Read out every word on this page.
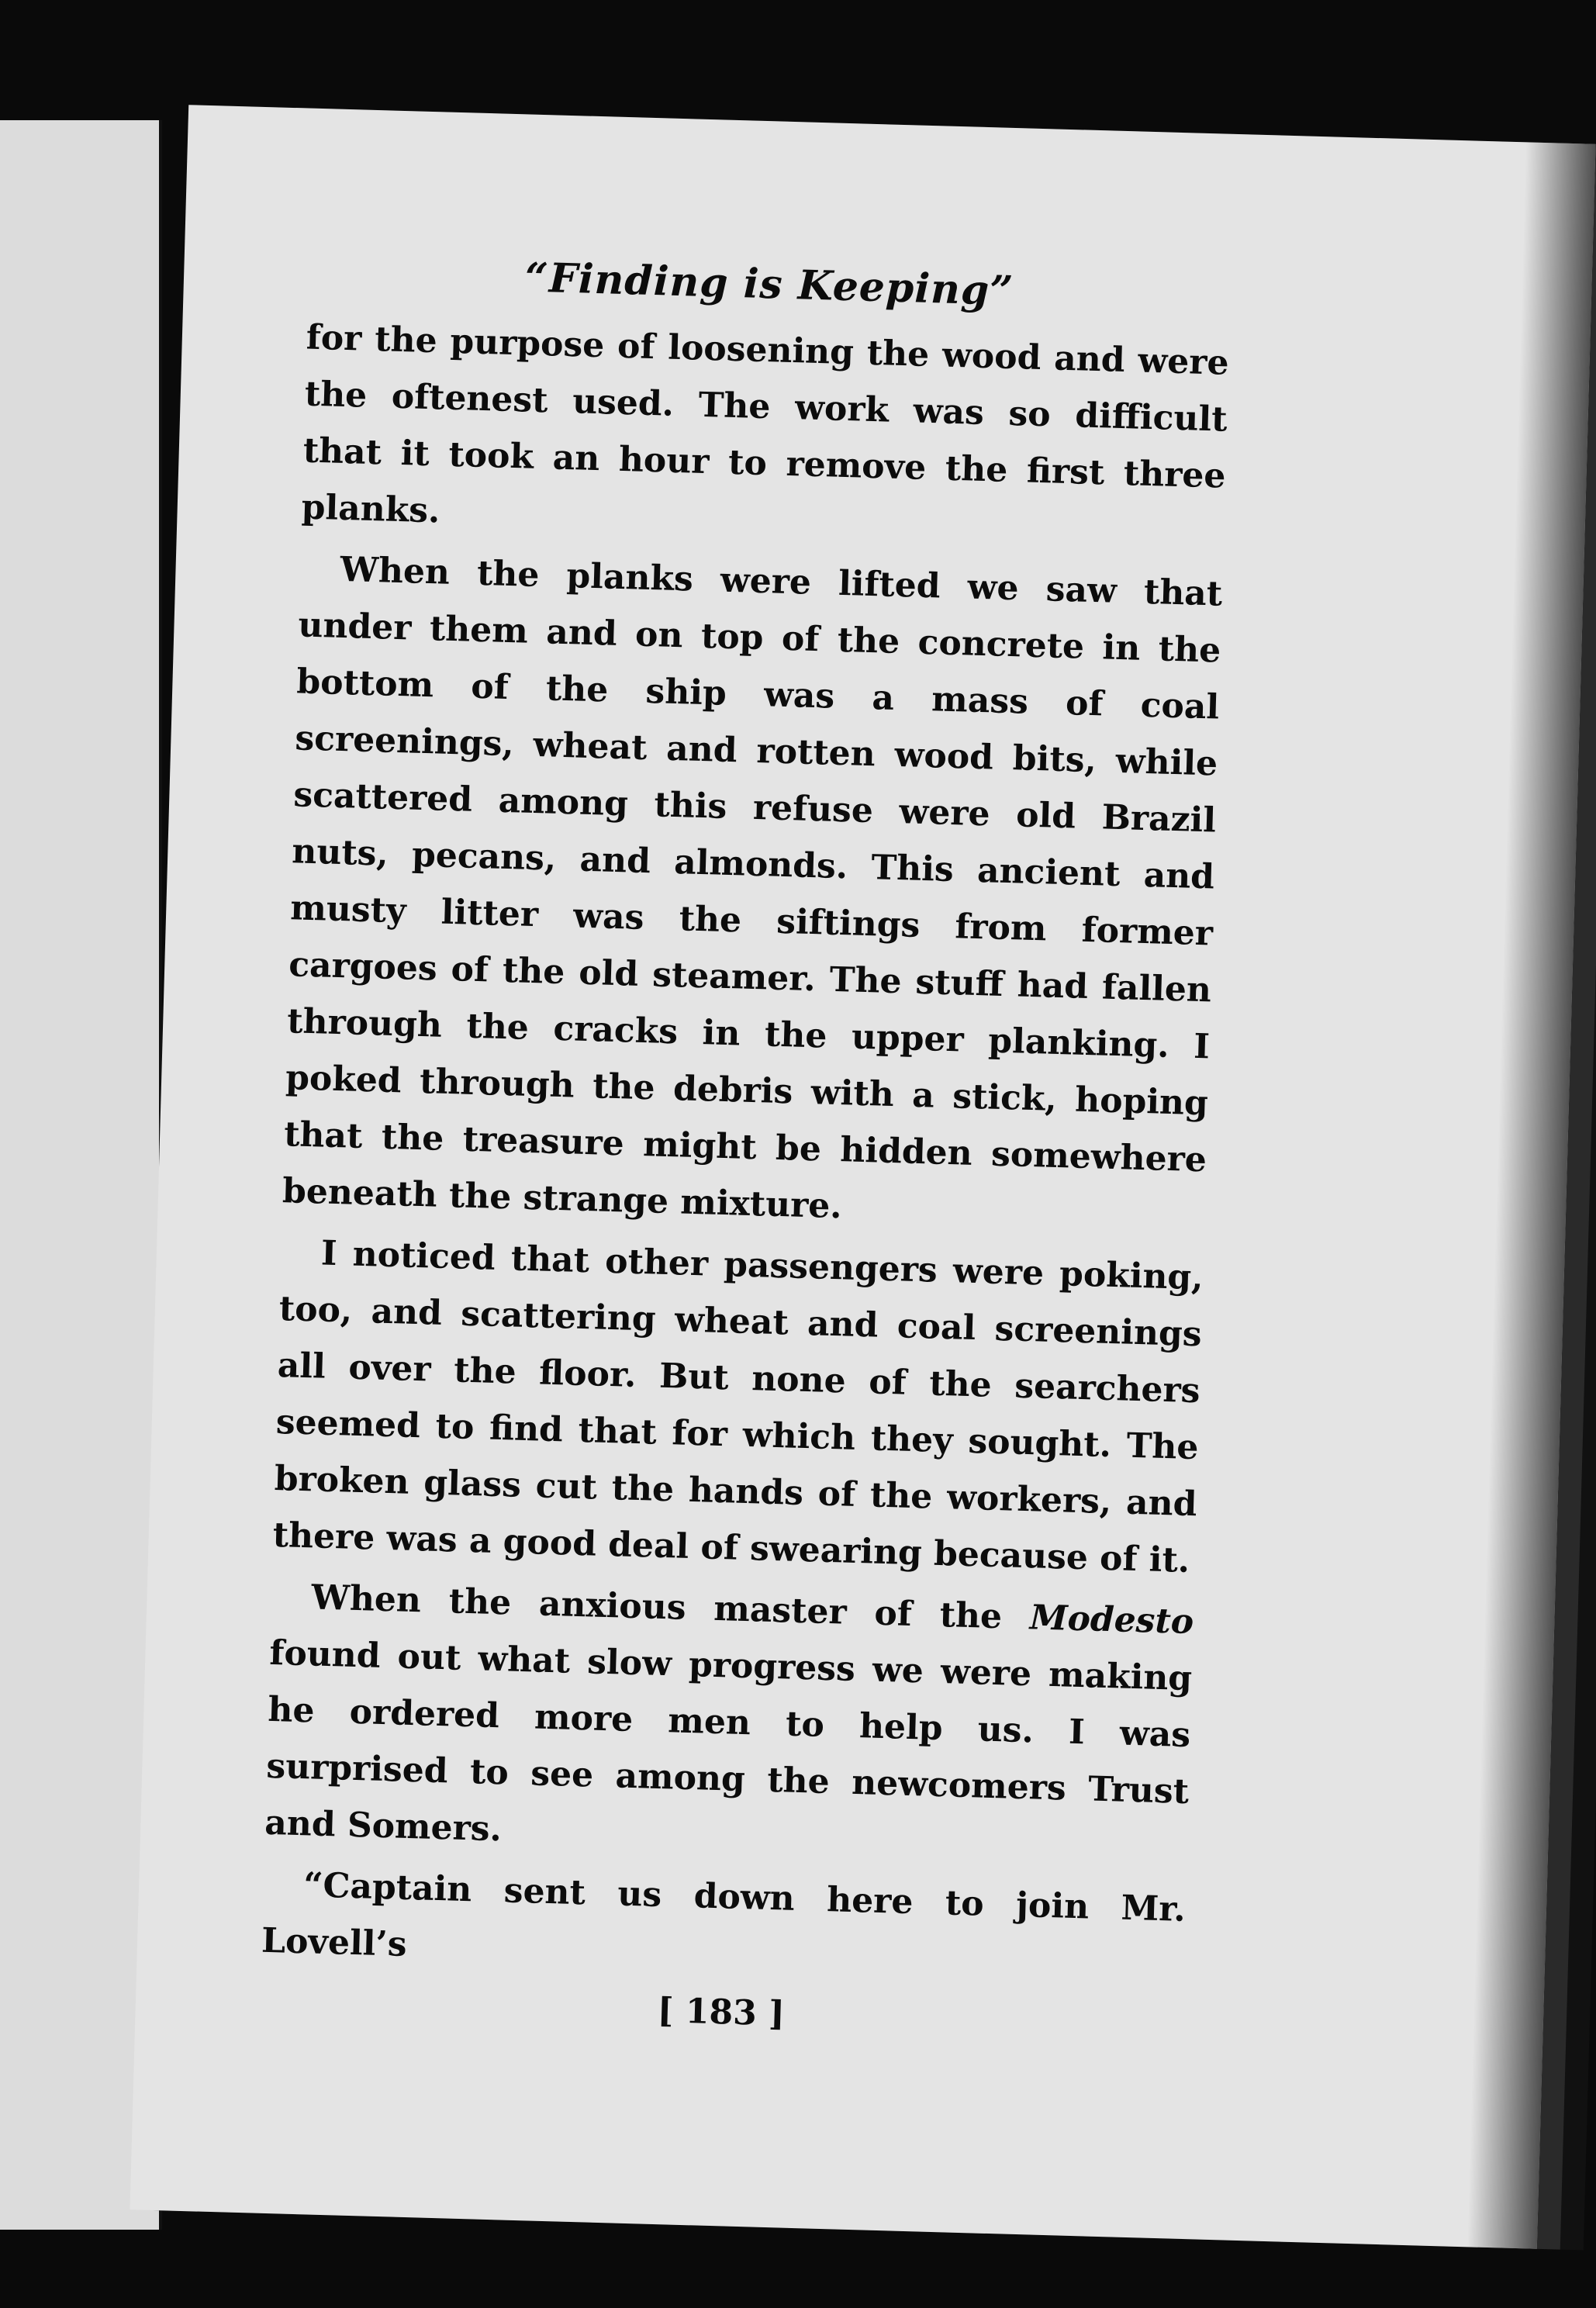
“Finding is Keeping”

for the purpose of loosening the wood and were the oftenest used. The work was so difficult that it took an hour to remove the first three planks.

When the planks were lifted we saw that under them and on top of the concrete in the bottom of the ship was a mass of coal screenings, wheat and rotten wood bits, while scattered among this refuse were old Brazil nuts, pecans, and almonds. This ancient and musty litter was the siftings from former cargoes of the old steamer. The stuff had fallen through the cracks in the upper planking. I poked through the debris with a stick, hoping that the treasure might be hidden somewhere beneath the strange mixture.

I noticed that other passengers were poking, too, and scattering wheat and coal screenings all over the floor. But none of the searchers seemed to find that for which they sought. The broken glass cut the hands of the workers, and there was a good deal of swearing because of it.

When the anxious master of the Modesto found out what slow progress we were making he ordered more men to help us. I was surprised to see among the newcomers Trust and Somers.

“Captain sent us down here to join Mr. Lovell’s

[ 183 ]
